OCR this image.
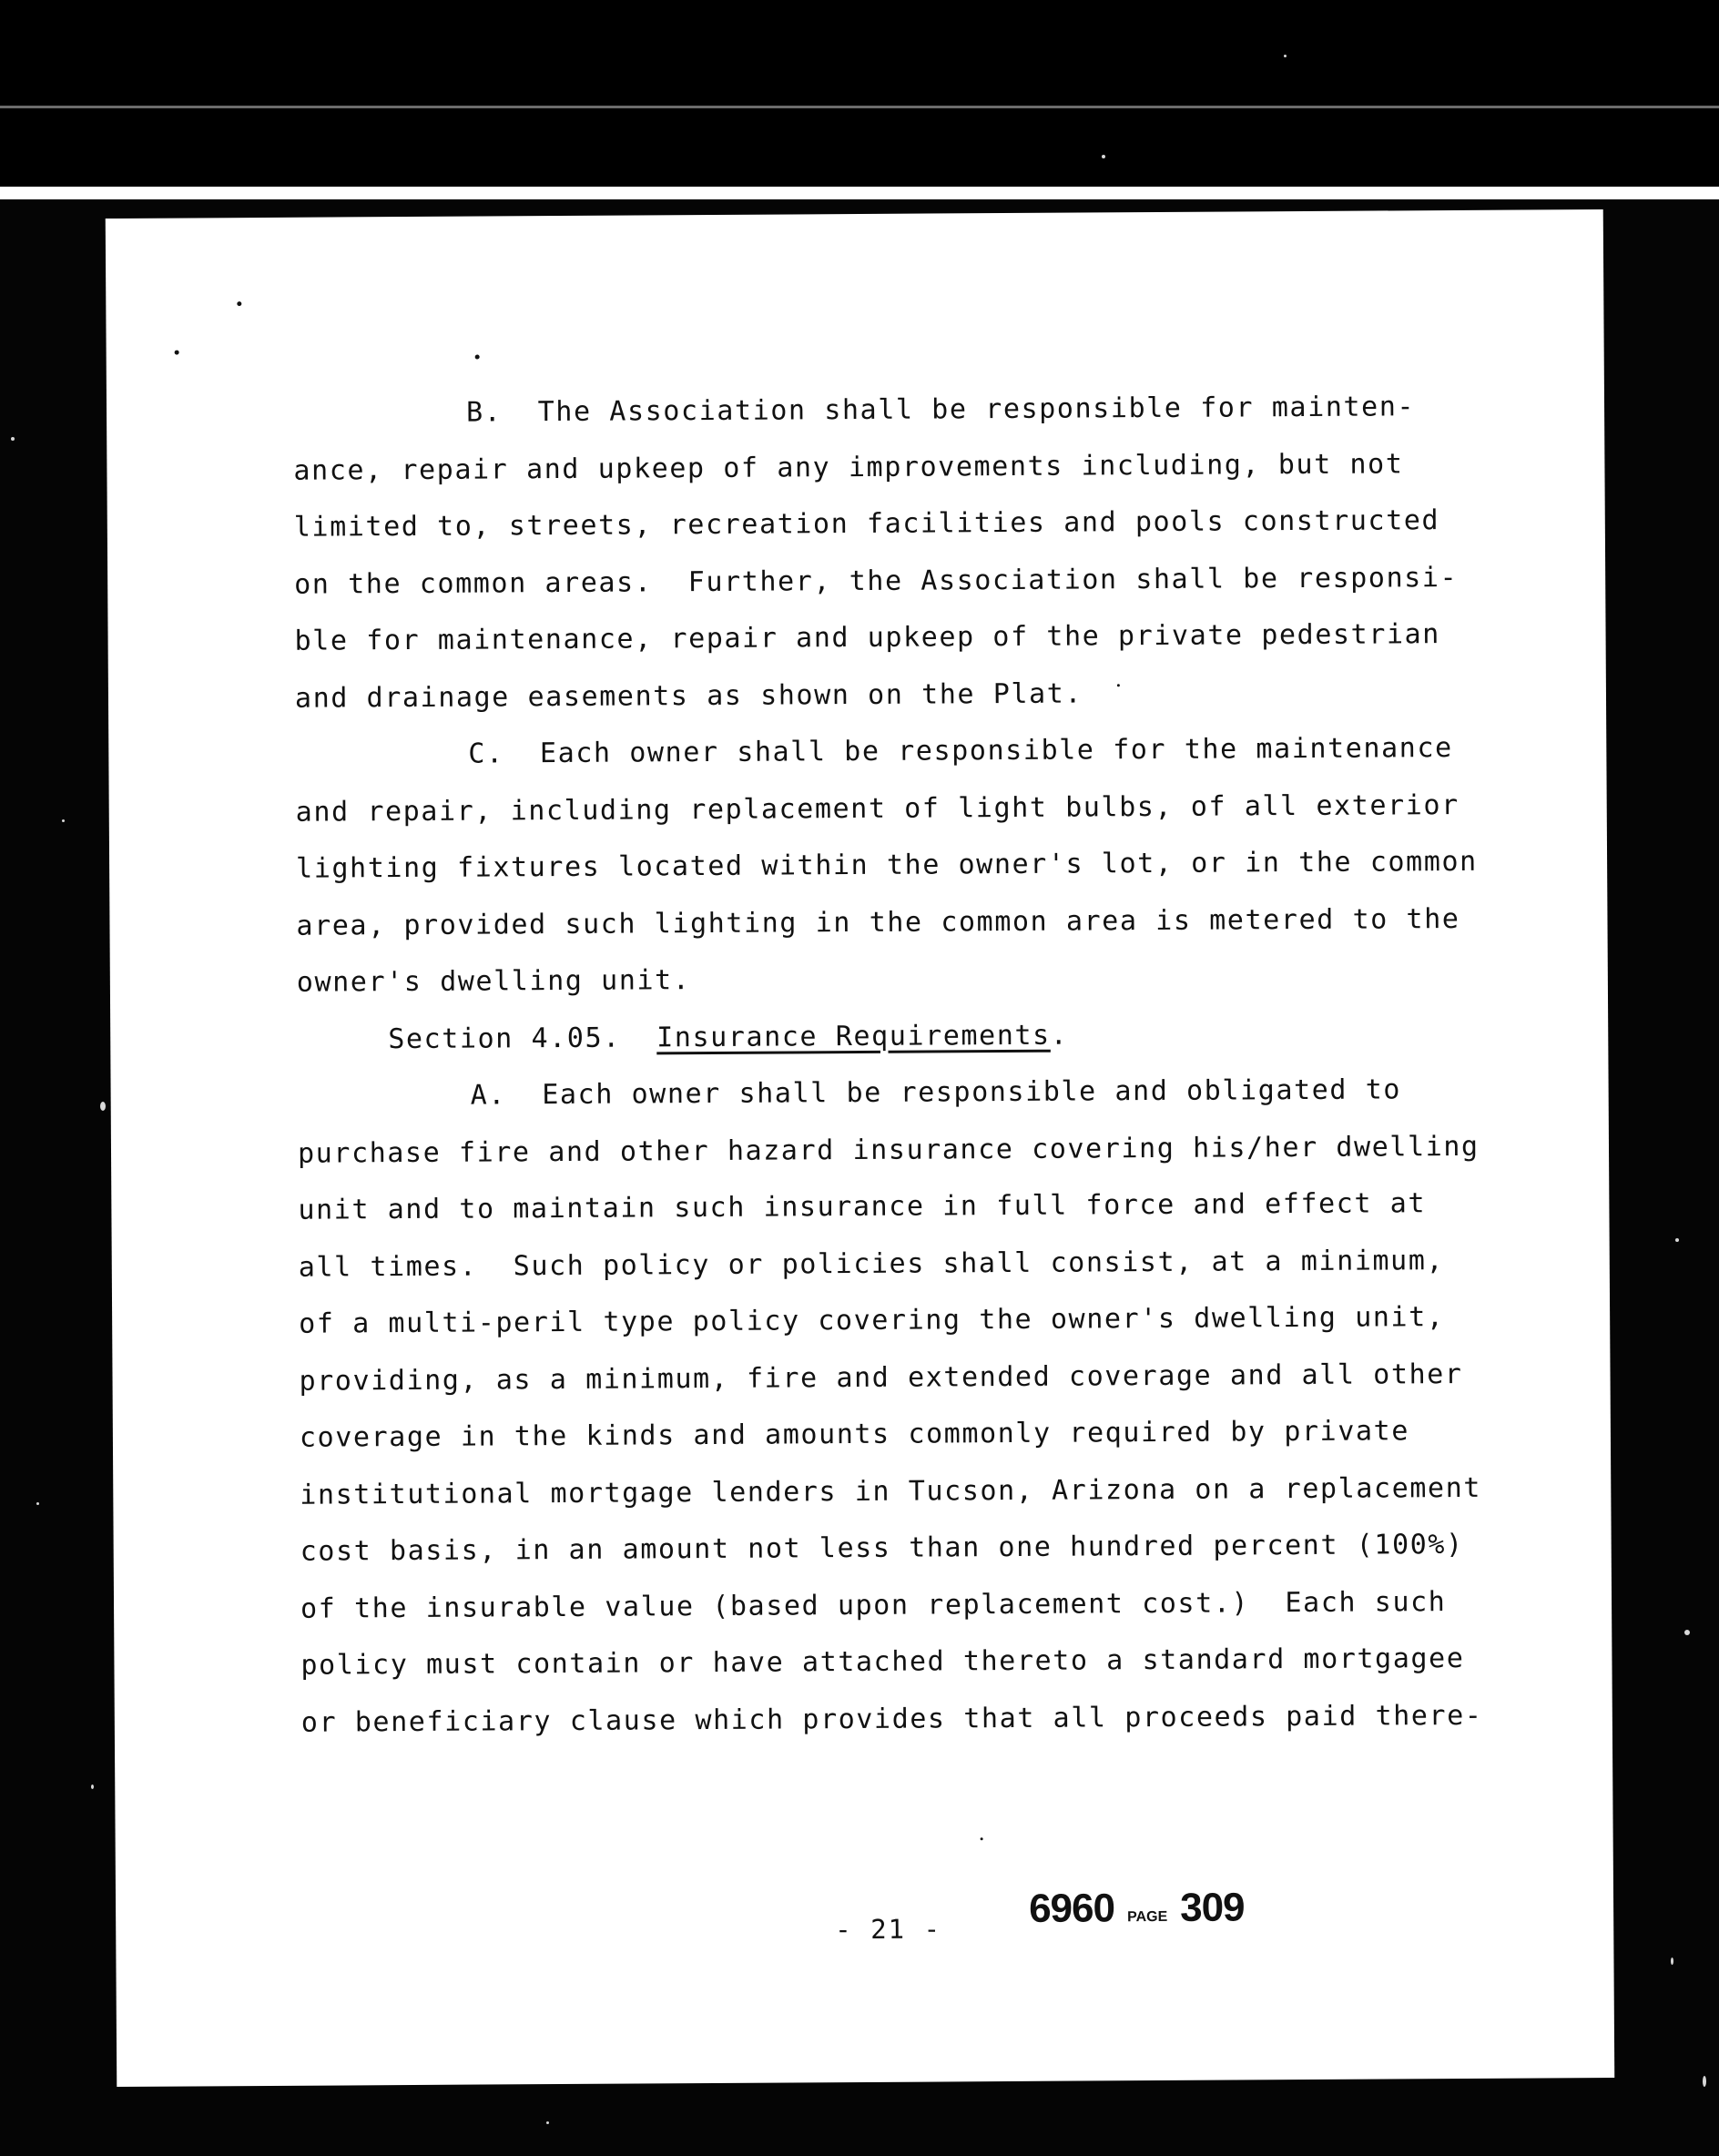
B.  The Association shall be responsible for mainten-
ance, repair and upkeep of any improvements including, but not
limited to, streets, recreation facilities and pools constructed
on the common areas.  Further, the Association shall be responsi-
ble for maintenance, repair and upkeep of the private pedestrian
and drainage easements as shown on the Plat.
C.  Each owner shall be responsible for the maintenance
and repair, including replacement of light bulbs, of all exterior
lighting fixtures located within the owner's lot, or in the common
area, provided such lighting in the common area is metered to the
owner's dwelling unit.
Section 4.05. Insurance Requirements.
A.  Each owner shall be responsible and obligated to
purchase fire and other hazard insurance covering his/her dwelling
unit and to maintain such insurance in full force and effect at
all times.  Such policy or policies shall consist, at a minimum,
of a multi-peril type policy covering the owner's dwelling unit,
providing, as a minimum, fire and extended coverage and all other
coverage in the kinds and amounts commonly required by private
institutional mortgage lenders in Tucson, Arizona on a replacement
cost basis, in an amount not less than one hundred percent (100%)
of the insurable value (based upon replacement cost.)  Each such
policy must contain or have attached thereto a standard mortgagee
or beneficiary clause which provides that all proceeds paid there-
- 21 - 6960 PAGE 309
